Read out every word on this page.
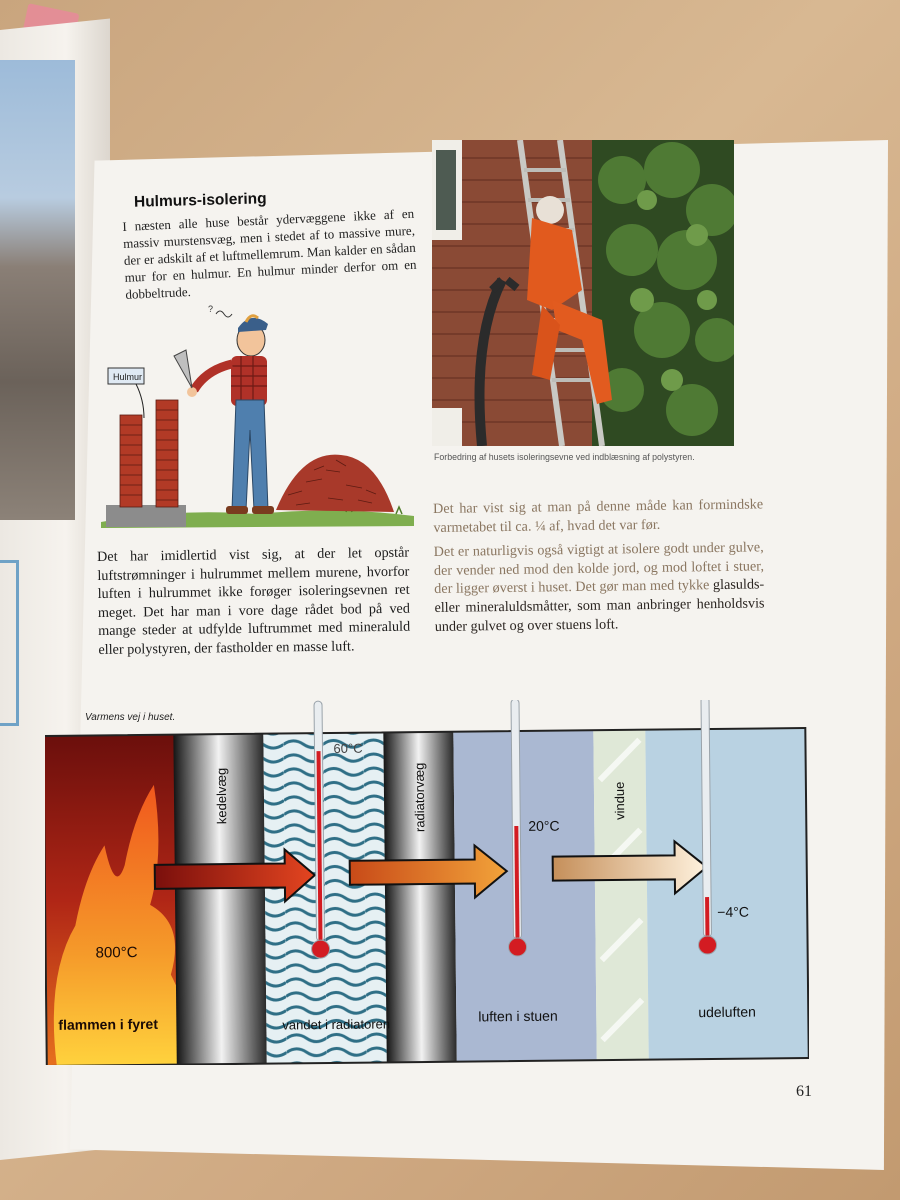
Hulmurs-isolering

I næsten alle huse består ydervæggene ikke af en massiv murstensvæg, men i stedet af to massive mure, der er adskilt af et luftmellemrum. Man kalder en sådan mur for en hulmur. En hulmur minder derfor om en dobbeltrude.

Hulmur
?
Forbedring af husets isoleringsevne ved indblæsning af polystyren.

Det har imidlertid vist sig, at der let opstår luftstrømninger i hulrummet mellem murene, hvorfor luften i hulrummet ikke forøger isoleringsevnen ret meget. Det har man i vore dage rådet bod på ved mange steder at udfylde luftrummet med mineraluld eller polystyren, der fastholder en masse luft.

Det har vist sig at man på denne måde kan formindske varmetabet til ca. ¼ af, hvad det var før.

Det er naturligvis også vigtigt at isolere godt under gulve, der vender ned mod den kolde jord, og mod loftet i stuer, der ligger øverst i huset. Det gør man med tykke glasulds- eller mineraluldsmåtter, som man anbringer henholdsvis under gulvet og over stuens loft.

Varmens vej i huset.
60°C
20°C
−4°C
800°C
flammen i fyret
kedelvæg
vandet i radiatoren
radiatorvæg
luften i stuen
vindue
udeluften
61
